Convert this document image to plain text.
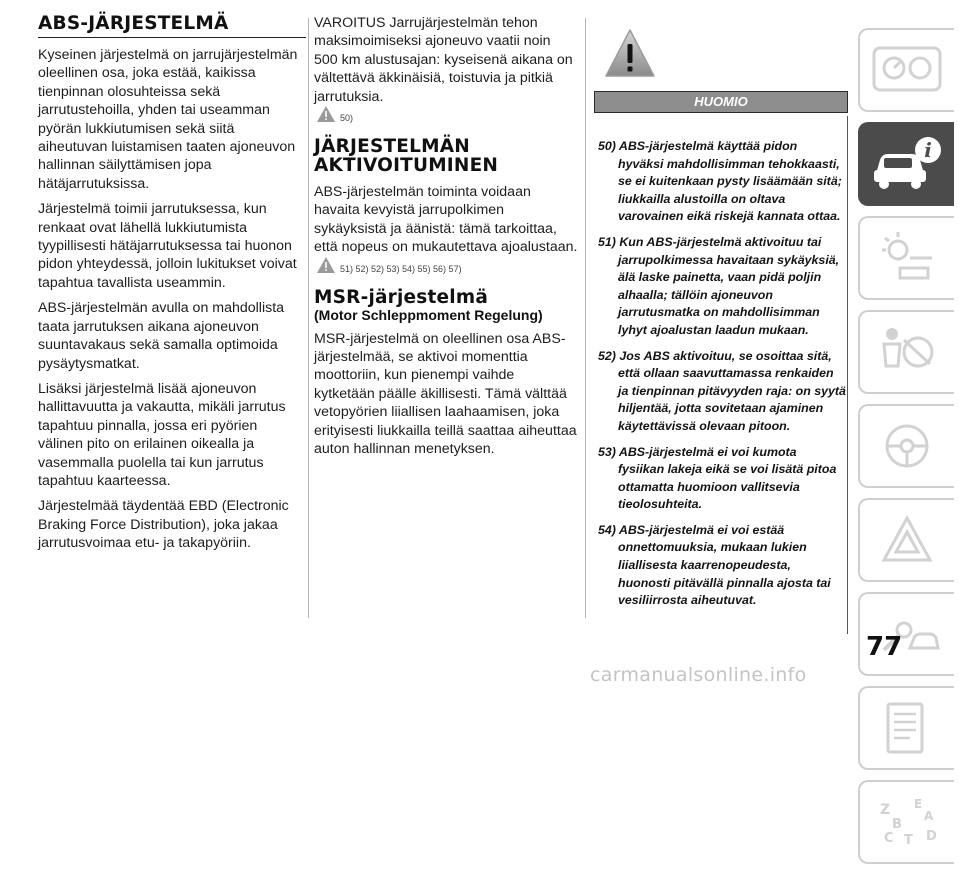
ABS-JÄRJESTELMÄ

Kyseinen järjestelmä on jarrujärjestelmän oleellinen osa, joka estää, kaikissa tienpinnan olosuhteissa sekä jarrutustehoilla, yhden tai useamman pyörän lukkiutumisen sekä siitä aiheutuvan luistamisen taaten ajoneuvon hallinnan säilyttämisen jopa hätäjarrutuksissa.

Järjestelmä toimii jarrutuksessa, kun renkaat ovat lähellä lukkiutumista tyypillisesti hätäjarrutuksessa tai huonon pidon yhteydessä, jolloin lukitukset voivat tapahtua tavallista useammin.

ABS-järjestelmän avulla on mahdollista taata jarrutuksen aikana ajoneuvon suuntavakaus sekä samalla optimoida pysäytysmatkat.

Lisäksi järjestelmä lisää ajoneuvon hallittavuutta ja vakautta, mikäli jarrutus tapahtuu pinnalla, jossa eri pyörien välinen pito on erilainen oikealla ja vasemmalla puolella tai kun jarrutus tapahtuu kaarteessa.

Järjestelmää täydentää EBD (Electronic Braking Force Distribution), joka jakaa jarrutusvoimaa etu- ja takapyöriin.

VAROITUS Jarrujärjestelmän tehon maksimoimiseksi ajoneuvo vaatii noin 500 km alustusajan: kyseisenä aikana on vältettävä äkkinäisiä, toistuvia ja pitkiä jarrutuksia.

50)
JÄRJESTELMÄN
AKTIVOITUMINEN

ABS-järjestelmän toiminta voidaan havaita kevyistä jarrupolkimen sykäyksistä ja äänistä: tämä tarkoittaa, että nopeus on mukautettava ajoalustaan.

51) 52) 52) 53) 54) 55) 56) 57)
MSR-järjestelmä
(Motor Schleppmoment Regelung)

MSR-järjestelmä on oleellinen osa ABS-järjestelmää, se aktivoi momenttia moottoriin, kun pienempi vaihde kytketään päälle äkillisesti. Tämä välttää vetopyörien liiallisen laahaamisen, joka erityisesti liukkailla teillä saattaa aiheuttaa auton hallinnan menetyksen.

HUOMIO

50) ABS-järjestelmä käyttää pidon hyväksi mahdollisimman tehokkaasti, se ei kuitenkaan pysty lisäämään sitä; liukkailla alustoilla on oltava varovainen eikä riskejä kannata ottaa.

51) Kun ABS-järjestelmä aktivoituu tai jarrupolkimessa havaitaan sykäyksiä, älä laske painetta, vaan pidä poljin alhaalla; tällöin ajoneuvon jarrutusmatka on mahdollisimman lyhyt ajoalustan laadun mukaan.

52) Jos ABS aktivoituu, se osoittaa sitä, että ollaan saavuttamassa renkaiden ja tienpinnan pitävyyden raja: on syytä hiljentää, jotta sovitetaan ajaminen käytettävissä olevaan pitoon.

53) ABS-järjestelmä ei voi kumota fysiikan lakeja eikä se voi lisätä pitoa ottamatta huomioon vallitsevia tieolosuhteita.

54) ABS-järjestelmä ei voi estää onnettomuuksia, mukaan lukien liiallisesta kaarrenopeudesta, huonosti pitävällä pinnalla ajosta tai vesiliirrosta aiheutuvat.

i
Z E
A
B
C T D
77
carmanualsonline.info
